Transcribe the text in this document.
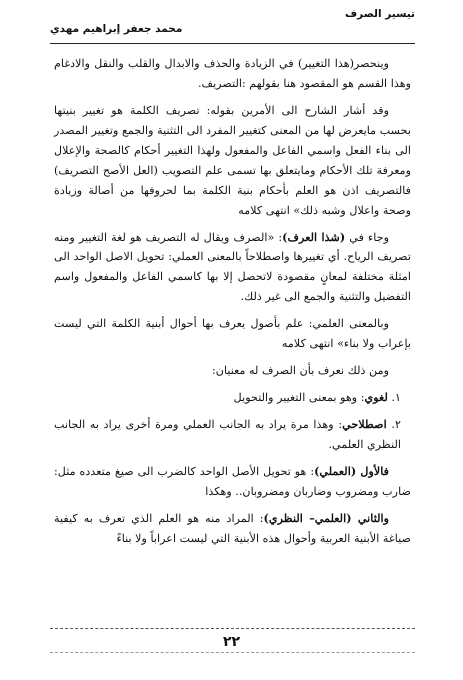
تيسير الصرف
محمد جعفر إبراهيم مهدي

وينحصر(هذا التغيير) في الزيادة والحذف والابدال والقلب والنقل والادغام وهذا القسم هو المقصود هنا بقولهم :التصريف.

وقد أشار الشارح الى الأمرين بقوله: تصريف الكلمة هو تغيير بنيتها بحسب مايعرض لها من المعنى كتغيير المفرد الى التثنية والجمع وتغيير المصدر الى بناء الفعل واسمي الفاعل والمفعول ولهذا التغيير أحكام كالصحة والإعلال ومعرفة تلك الأحكام ومايتعلق بها تسمى علم التصويب (العل الأصح التصريف) فالتصريف اذن هو العلم بأحكام بنية الكلمة بما لحروفها من أصالة وزيادة وصحة واعلال وشبه ذلك» انتهى كلامه

وجاء في (شذا العرف): «الصرف ويقال له التصريف هو لغة التغيير ومنه تصريف الرياح. أي تغييرها واصطلاحاً بالمعنى العملي: تحويل الاصل الواحد الى امثلة مختلفة لمعانٍ مقصودة لاتحصل إلا بها كاسمي الفاعل والمفعول واسم التفضيل والتثنية والجمع الى غير ذلك.

وبالمعنى العلمي: علم بأصول يعرف بها أحوال أبنية الكلمة التي ليست بإعراب ولا بناء» انتهى كلامه

ومن ذلك نعرف بأن الصرف له معنيان:

١. لغوي: وهو بمعنى التغيير والتحويل

٢. اصطلاحي: وهذا مرة يراد به الجانب العملي ومرة أخرى يراد به الجانب النظري العلمي.

فالأول (العملي): هو تحويل الأصل الواحد كالضرب الى صيغ متعدده مثل: ضارب ومضروب وضاربان ومضروبان.. وهكذا

والثاني (العلمي– النظري): المراد منه هو العلم الذي تعرف به كيفية صياغة الأبنية العربية وأحوال هذه الأبنية التي ليست اعراباً ولا بناءً

٢٢
